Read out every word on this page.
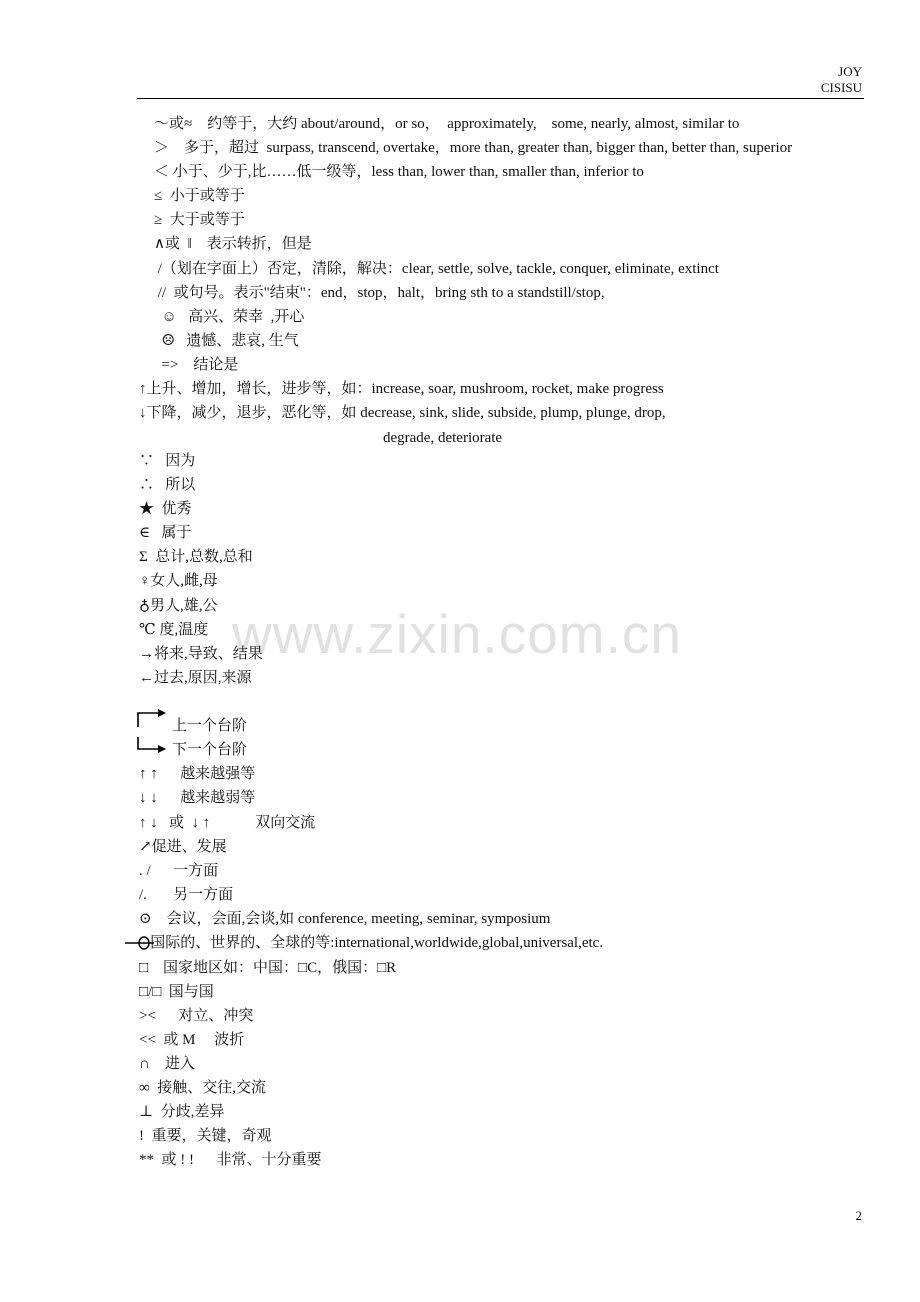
JOY
CISISU
www.zixin.com.cn
～或≈　约等于，大约 about/around，or so，　approximately,　some, nearly, almost, similar to
＞　多于，超过  surpass, transcend, overtake，more than, greater than, bigger than, better than, superior
＜ 小于、少于,比……低一级等，less than, lower than, smaller than, inferior to
≤  小于或等于
≥  大于或等于
∧或  ‖    表示转折，但是
/（划在字面上）否定，清除，解决：clear, settle, solve, tackle, conquer, eliminate, extinct
//  或句号。表示"结束"：end，stop，halt，bring sth to a standstill/stop,
☺   高兴、荣幸  ,开心
☹   遗憾、悲哀, 生气
=>    结论是
↑上升、增加，增长，进步等，如：increase, soar, mushroom, rocket, make progress
↓下降，减少，退步，恶化等，如 decrease, sink, slide, subside, plump, plunge, drop,
degrade, deteriorate
∵   因为
∴   所以
★  优秀
∈   属于
Σ  总计,总数,总和
♀女人,雌,母
♁男人,雄,公
℃ 度,温度
→将来,导致、结果
←过去,原因,来源
上一个台阶
下一个台阶
↑ ↑      越来越强等
↓ ↓      越来越弱等
↑ ↓   或  ↓ ↑            双向交流
↗促进、发展
. /      一方面
/.       另一方面
⊙    会议，会面,会谈,如 conference, meeting, seminar, symposium
国际的、世界的、全球的等:international,worldwide,global,universal,etc.
□    国家地区如：中国：□C，俄国：□R
□/□  国与国
><      对立、冲突
<<  或 M     波折
∩    进入
∞  接触、交往,交流
⊥  分歧,差异
!  重要，关键，奇观
**  或 ! !      非常、十分重要
2
